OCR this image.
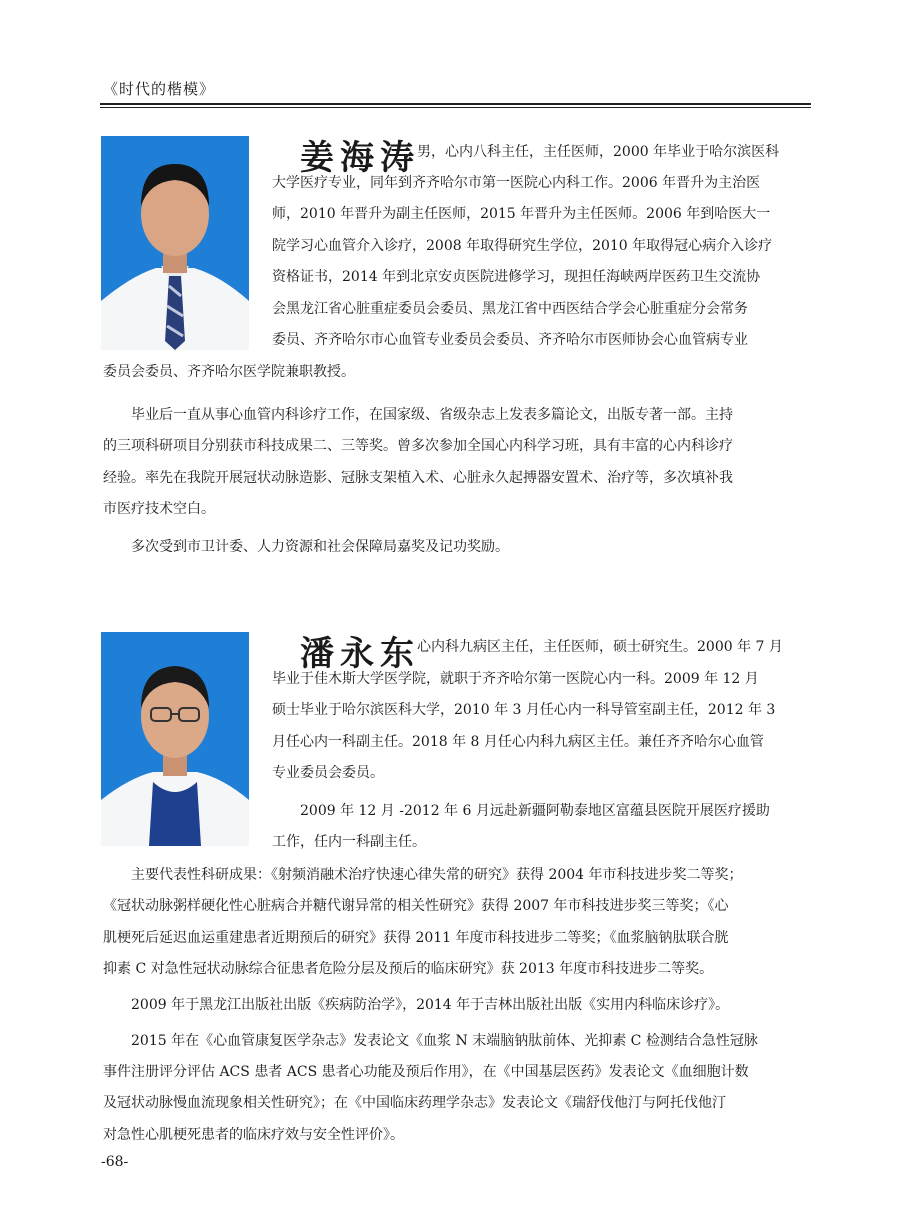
《时代的楷模》
姜海涛
男，心内八科主任，主任医师，2000 年毕业于哈尔滨医科
大学医疗专业，同年到齐齐哈尔市第一医院心内科工作。2006 年晋升为主治医
师，2010 年晋升为副主任医师，2015 年晋升为主任医师。2006 年到哈医大一
院学习心血管介入诊疗，2008 年取得研究生学位，2010 年取得冠心病介入诊疗
资格证书，2014 年到北京安贞医院进修学习，现担任海峡两岸医药卫生交流协
会黑龙江省心脏重症委员会委员、黑龙江省中西医结合学会心脏重症分会常务
委员、齐齐哈尔市心血管专业委员会委员、齐齐哈尔市医师协会心血管病专业
委员会委员、齐齐哈尔医学院兼职教授。
毕业后一直从事心血管内科诊疗工作，在国家级、省级杂志上发表多篇论文，出版专著一部。主持
的三项科研项目分别获市科技成果二、三等奖。曾多次参加全国心内科学习班，具有丰富的心内科诊疗
经验。率先在我院开展冠状动脉造影、冠脉支架植入术、心脏永久起搏器安置术、治疗等，多次填补我
市医疗技术空白。
多次受到市卫计委、人力资源和社会保障局嘉奖及记功奖励。
潘永东
心内科九病区主任，主任医师，硕士研究生。2000 年 7 月
毕业于佳木斯大学医学院，就职于齐齐哈尔第一医院心内一科。2009 年 12 月
硕士毕业于哈尔滨医科大学，2010 年 3 月任心内一科导管室副主任，2012 年 3
月任心内一科副主任。2018 年 8 月任心内科九病区主任。兼任齐齐哈尔心血管
专业委员会委员。
2009 年 12 月 -2012 年 6 月远赴新疆阿勒泰地区富蕴县医院开展医疗援助
工作，任内一科副主任。
主要代表性科研成果：《射频消融术治疗快速心律失常的研究》获得 2004 年市科技进步奖二等奖；
《冠状动脉粥样硬化性心脏病合并糖代谢异常的相关性研究》获得 2007 年市科技进步奖三等奖；《心
肌梗死后延迟血运重建患者近期预后的研究》获得 2011 年度市科技进步二等奖；《血浆脑钠肽联合胱
抑素 C 对急性冠状动脉综合征患者危险分层及预后的临床研究》获 2013 年度市科技进步二等奖。
2009 年于黑龙江出版社出版《疾病防治学》，2014 年于吉林出版社出版《实用内科临床诊疗》。
2015 年在《心血管康复医学杂志》发表论文《血浆 N 末端脑钠肽前体、光抑素 C 检测结合急性冠脉
事件注册评分评估 ACS 患者 ACS 患者心功能及预后作用》，在《中国基层医药》发表论文《血细胞计数
及冠状动脉慢血流现象相关性研究》；在《中国临床药理学杂志》发表论文《瑞舒伐他汀与阿托伐他汀
对急性心肌梗死患者的临床疗效与安全性评价》。
-68-
